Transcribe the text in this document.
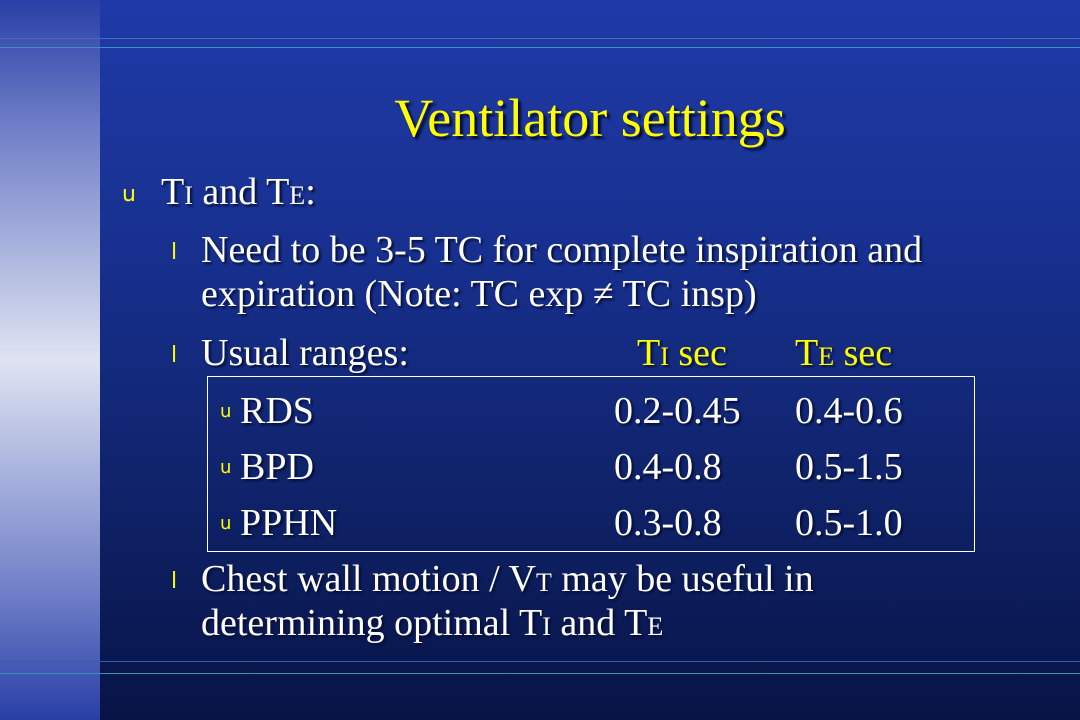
Ventilator settings
u TI and TE:
l Need to be 3-5 TC for complete inspiration and
expiration (Note: TC exp ≠ TC insp)
l Usual ranges:	TI sec TE sec
u RDS	0.2-0.45 0.4-0.6
u BPD	0.4-0.8 0.5-1.5
u PPHN	0.3-0.8 0.5-1.0
l Chest wall motion / VT may be useful in
determining optimal TI and TE
